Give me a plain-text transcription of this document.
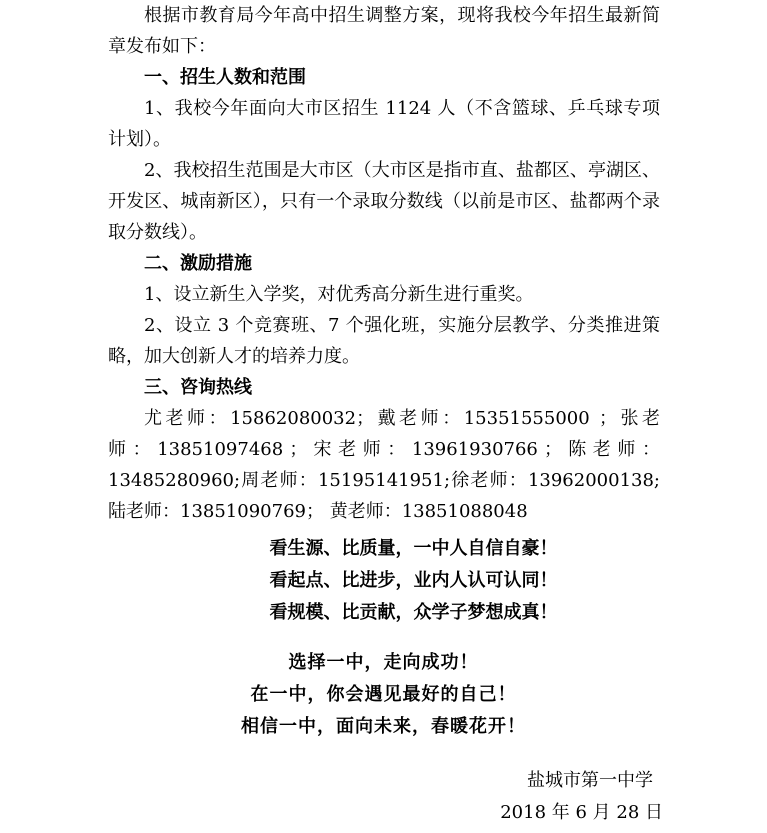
根据市教育局今年高中招生调整方案，现将我校今年招生最新简章发布如下：

一、招生人数和范围

1、我校今年面向大市区招生 1124 人（不含篮球、乒乓球专项计划）。

2、我校招生范围是大市区（大市区是指市直、盐都区、亭湖区、开发区、城南新区），只有一个录取分数线（以前是市区、盐都两个录取分数线）。

二、激励措施

1、设立新生入学奖，对优秀高分新生进行重奖。

2、设立 3 个竞赛班、7 个强化班，实施分层教学、分类推进策略，加大创新人才的培养力度。

三、咨询热线

尤老师：15862080032；戴老师：15351555000 ；张老

师 ： 13851097468 ； 宋 老 师 ： 13961930766 ； 陈 老 师 ：

13485280960;周老师：15195141951;徐老师：13962000138;

陆老师：13851090769； 黄老师：13851088048

看生源、比质量，一中人自信自豪！

看起点、比进步，业内人认可认同！

看规模、比贡献，众学子梦想成真！

选择一中，走向成功！

在一中，你会遇见最好的自己！

相信一中，面向未来，春暖花开！

盐城市第一中学

2018 年 6 月 28 日
